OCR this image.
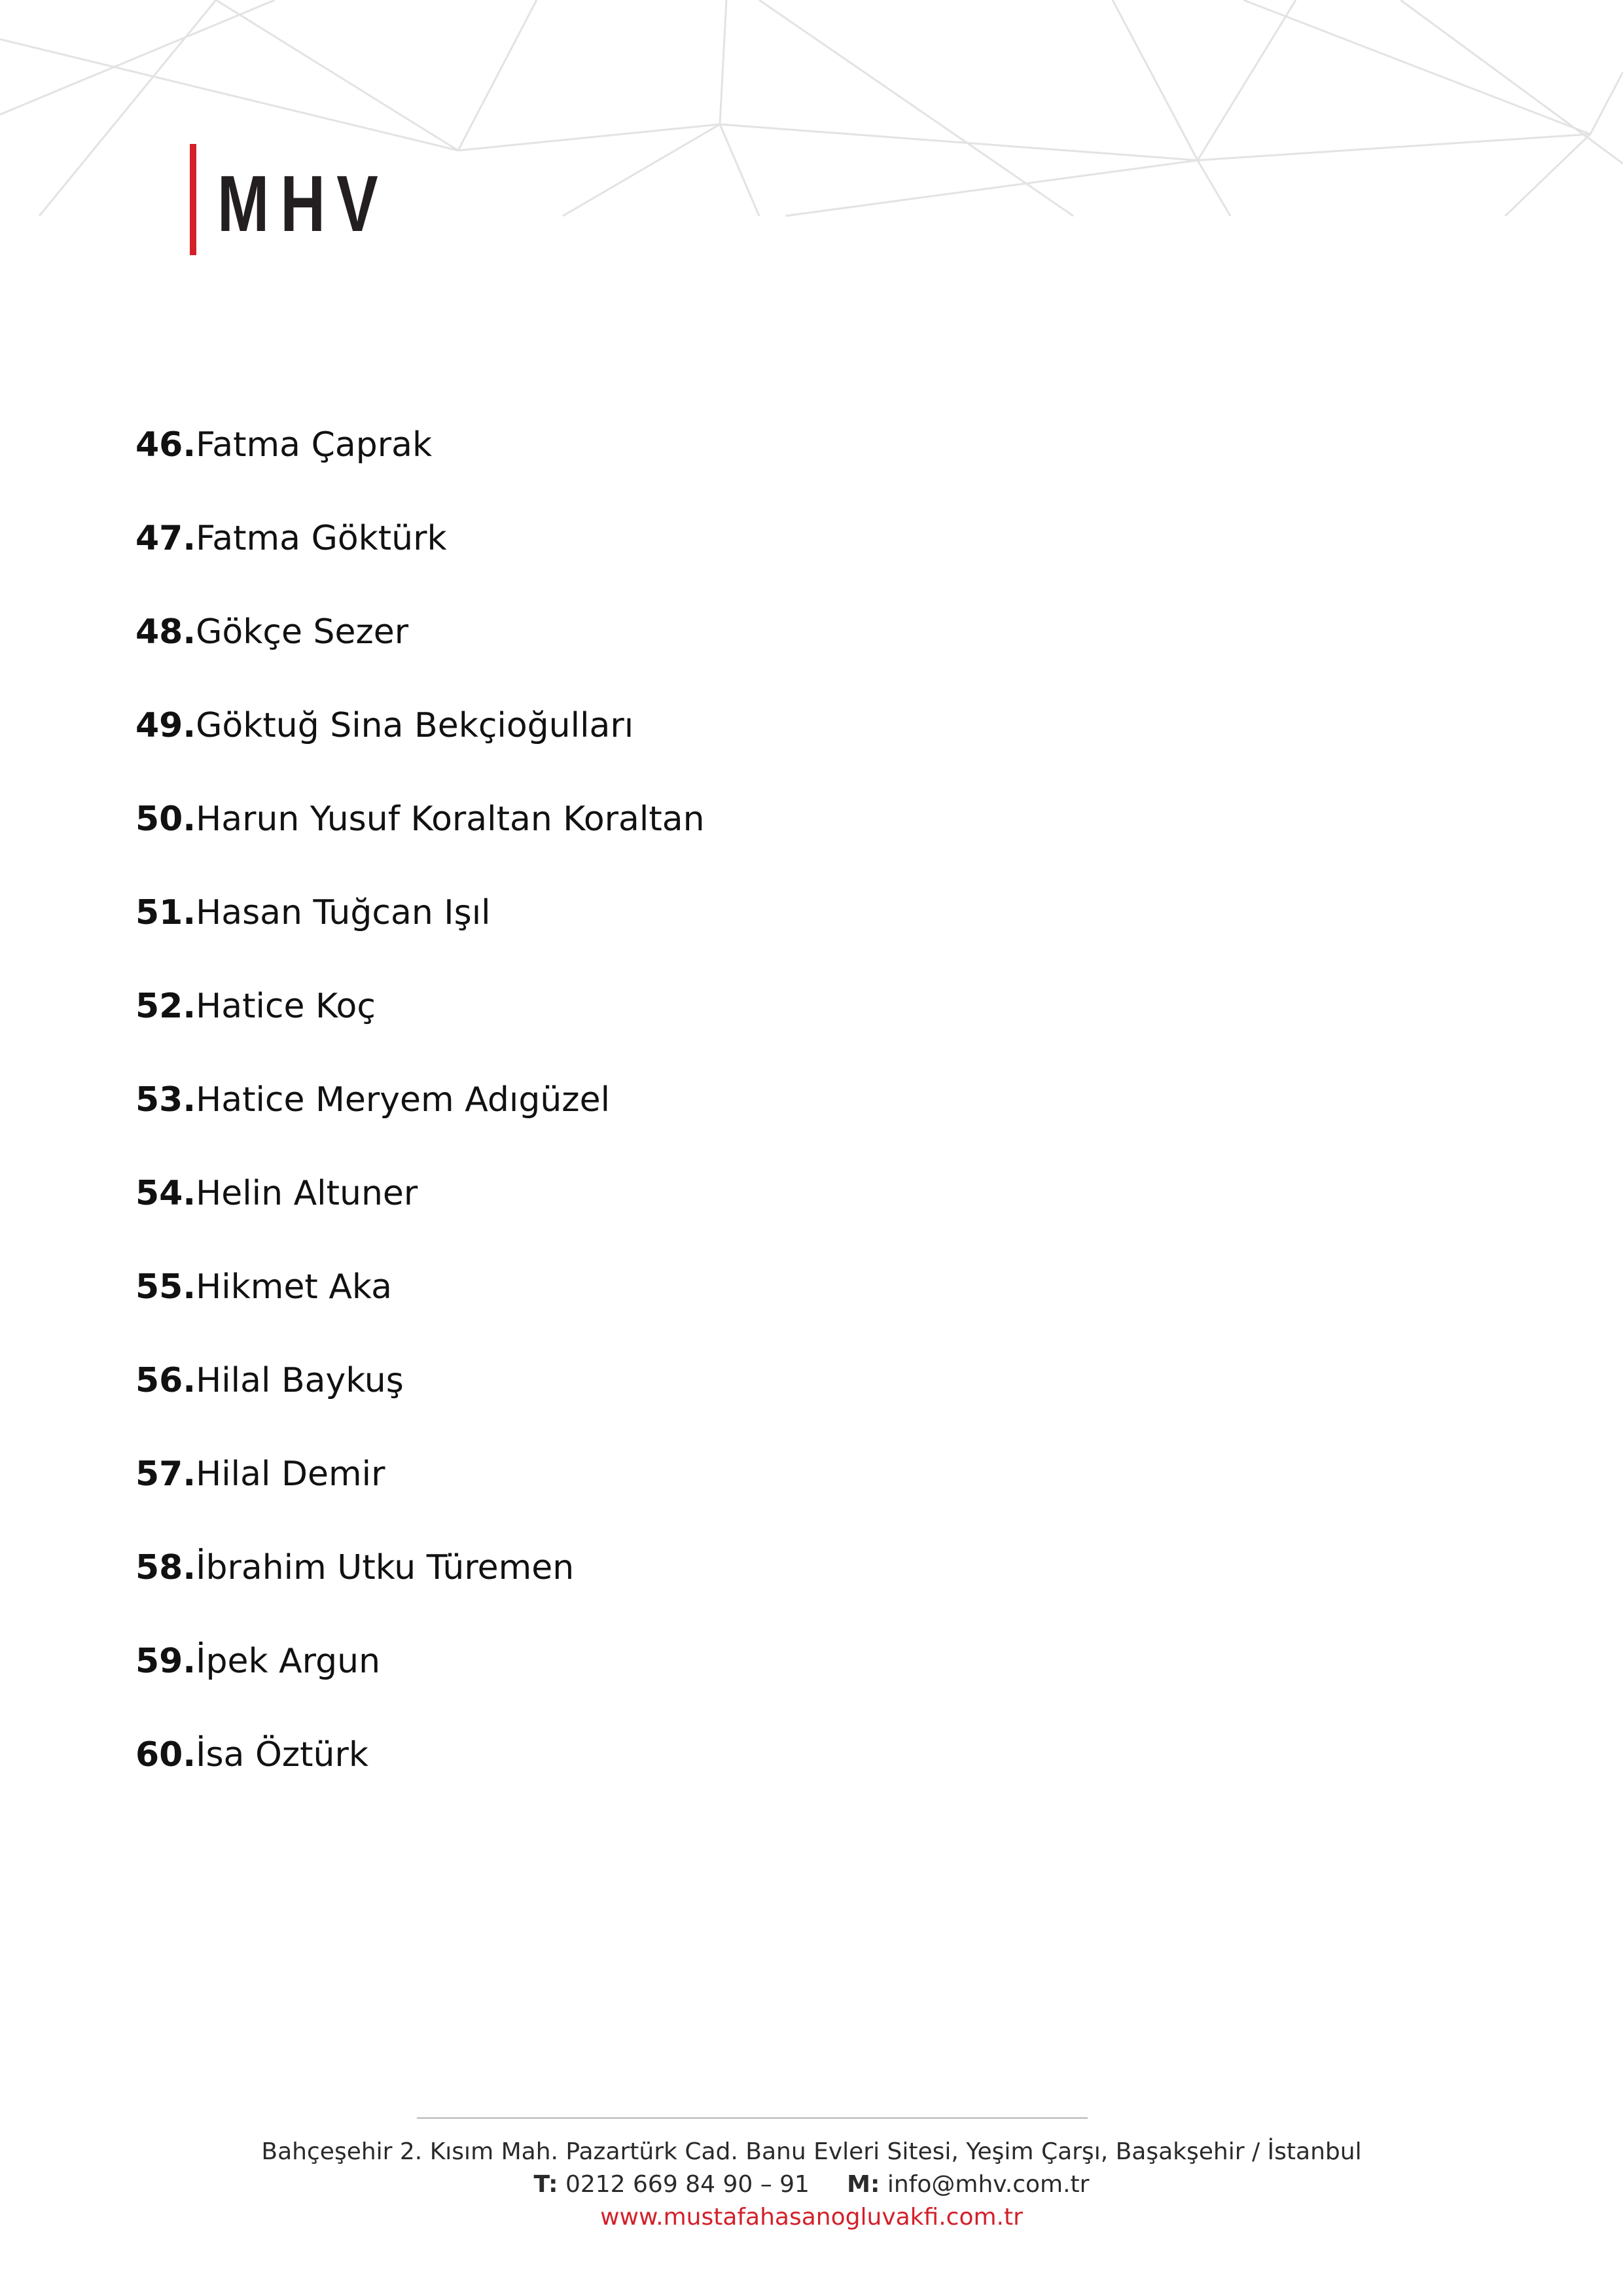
MHV
46.Fatma Çaprak
47.Fatma Göktürk
48.Gökçe Sezer
49.Göktuğ Sina Bekçioğulları
50.Harun Yusuf Koraltan Koraltan
51.Hasan Tuğcan Işıl
52.Hatice Koç
53.Hatice Meryem Adıgüzel
54.Helin Altuner
55.Hikmet Aka
56.Hilal Baykuş
57.Hilal Demir
58.İbrahim Utku Türemen
59.İpek Argun
60.İsa Öztürk
Bahçeşehir 2. Kısım Mah. Pazartürk Cad. Banu Evleri Sitesi, Yeşim Çarşı, Başakşehir / İstanbul
T: 0212 669 84 90 – 91 M: info@mhv.com.tr
www.mustafahasanogluvakfi.com.tr
